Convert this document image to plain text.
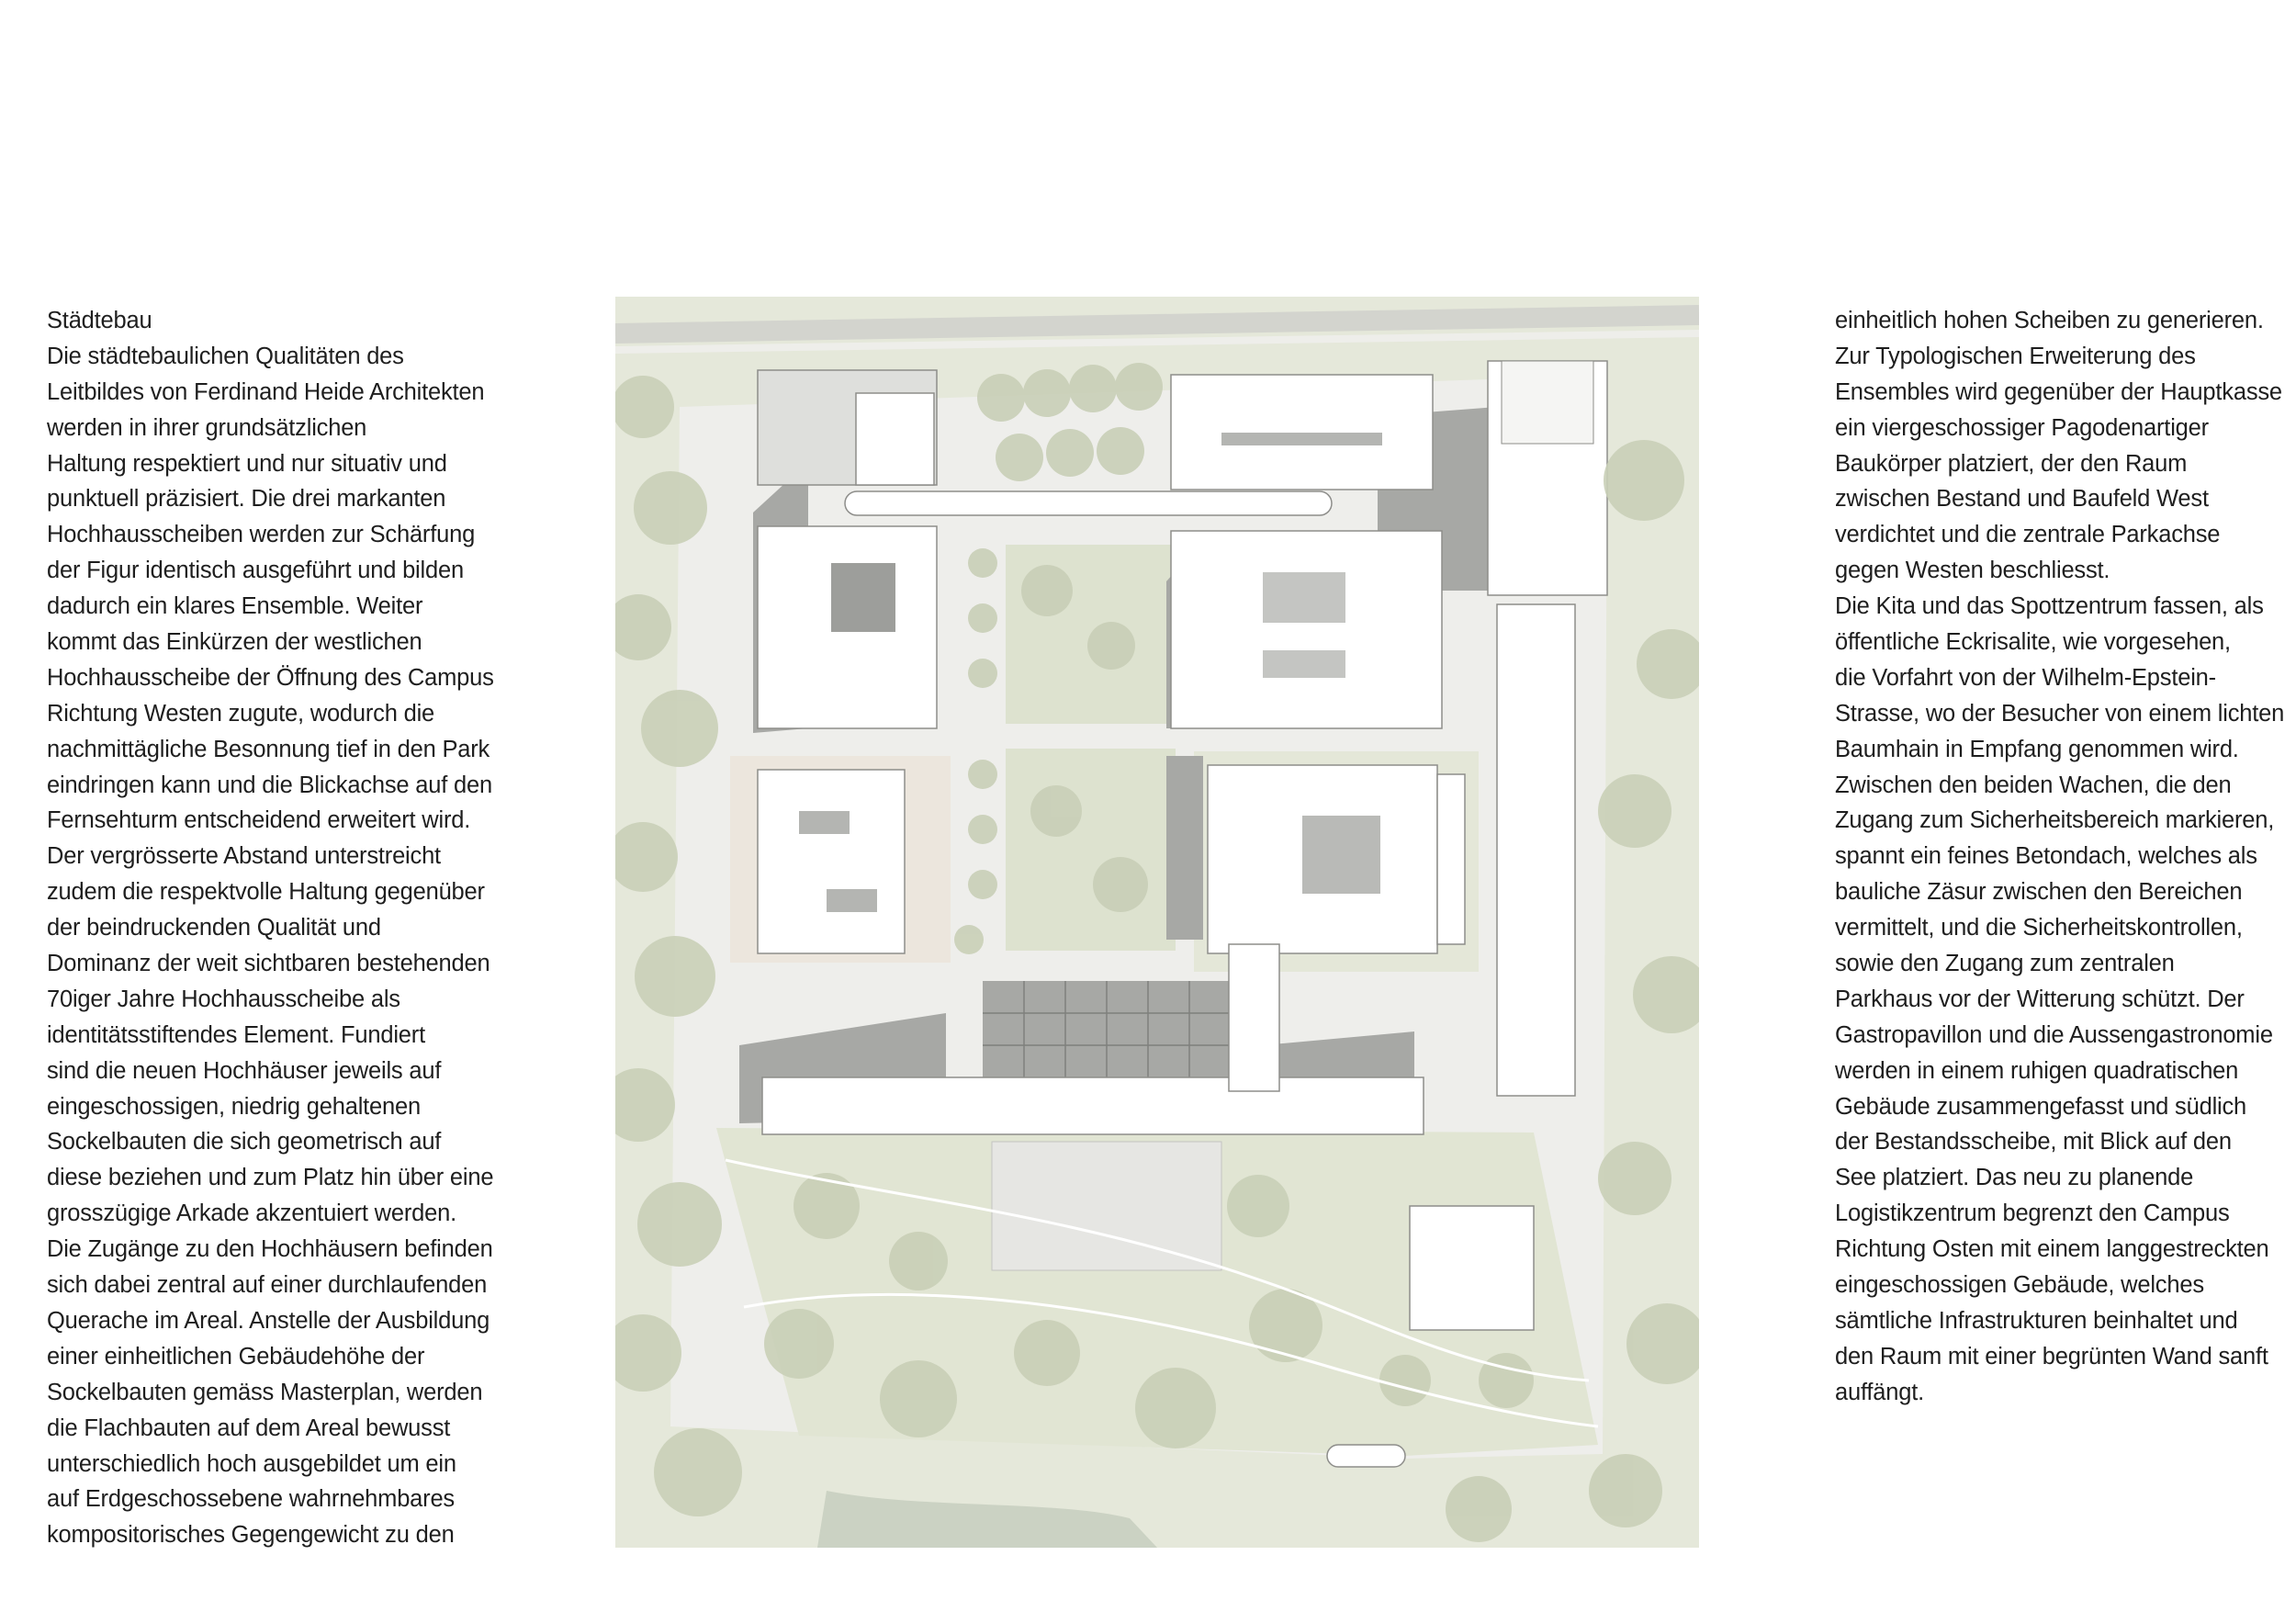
Städtebau
Die städtebaulichen Qualitäten des
Leitbildes von Ferdinand Heide Architekten
werden in ihrer grundsätzlichen
Haltung respektiert und nur situativ und
punktuell präzisiert. Die drei markanten
Hochhausscheiben werden zur Schärfung
der Figur identisch ausgeführt und bilden
dadurch ein klares Ensemble. Weiter
kommt das Einkürzen der westlichen
Hochhausscheibe der Öffnung des Campus
Richtung Westen zugute, wodurch die
nachmittägliche Besonnung tief in den Park
eindringen kann und die Blickachse auf den
Fernsehturm entscheidend erweitert wird.
Der vergrösserte Abstand unterstreicht
zudem die respektvolle Haltung gegenüber
der beindruckenden Qualität und
Dominanz der weit sichtbaren bestehenden
70iger Jahre Hochhausscheibe als
identitätsstiftendes Element. Fundiert
sind die neuen Hochhäuser jeweils auf
eingeschossigen, niedrig gehaltenen
Sockelbauten die sich geometrisch auf
diese beziehen und zum Platz hin über eine
grosszügige Arkade akzentuiert werden.
Die Zugänge zu den Hochhäusern befinden
sich dabei zentral auf einer durchlaufenden
Querache im Areal. Anstelle der Ausbildung
einer einheitlichen Gebäudehöhe der
Sockelbauten gemäss Masterplan, werden
die Flachbauten auf dem Areal bewusst
unterschiedlich hoch ausgebildet um ein
auf Erdgeschossebene wahrnehmbares
kompositorisches Gegengewicht zu den
einheitlich hohen Scheiben zu generieren.
Zur Typologischen Erweiterung des
Ensembles wird gegenüber der Hauptkasse
ein viergeschossiger Pagodenartiger
Baukörper platziert, der den Raum
zwischen Bestand und Baufeld West
verdichtet und die zentrale Parkachse
gegen Westen beschliesst.
Die Kita und das Spottzentrum fassen, als
öffentliche Eckrisalite, wie vorgesehen,
die Vorfahrt von der Wilhelm-Epstein-
Strasse, wo der Besucher von einem lichten
Baumhain in Empfang genommen wird.
Zwischen den beiden Wachen, die den
Zugang zum Sicherheitsbereich markieren,
spannt ein feines Betondach, welches als
bauliche Zäsur zwischen den Bereichen
vermittelt, und die Sicherheitskontrollen,
sowie den Zugang zum zentralen
Parkhaus vor der Witterung schützt. Der
Gastropavillon und die Aussengastronomie
werden in einem ruhigen quadratischen
Gebäude zusammengefasst und südlich
der Bestandsscheibe, mit Blick auf den
See platziert. Das neu zu planende
Logistikzentrum begrenzt den Campus
Richtung Osten mit einem langgestreckten
eingeschossigen Gebäude, welches
sämtliche Infrastrukturen beinhaltet und
den Raum mit einer begrünten Wand sanft
auffängt.
